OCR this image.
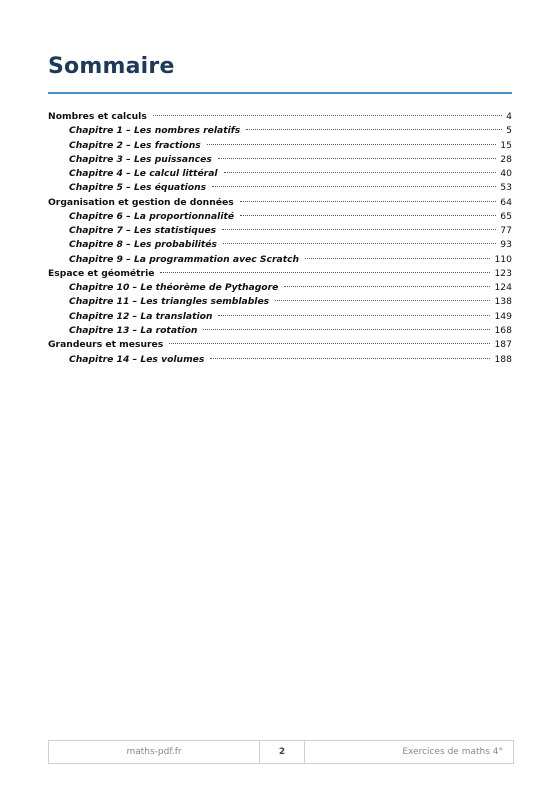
Sommaire
Nombres et calculs	4
Chapitre 1 – Les nombres relatifs	5
Chapitre 2 – Les fractions	15
Chapitre 3 – Les puissances	28
Chapitre 4 – Le calcul littéral	40
Chapitre 5 – Les équations	53
Organisation et gestion de données	64
Chapitre 6 – La proportionnalité	65
Chapitre 7 – Les statistiques	77
Chapitre 8 – Les probabilités	93
Chapitre 9 – La programmation avec Scratch	110
Espace et géométrie	123
Chapitre 10 – Le théorème de Pythagore	124
Chapitre 11 – Les triangles semblables	138
Chapitre 12 – La translation	149
Chapitre 13 – La rotation	168
Grandeurs et mesures	187
Chapitre 14 – Les volumes	188
maths-pdf.fr	2	Exercices de maths 4°
